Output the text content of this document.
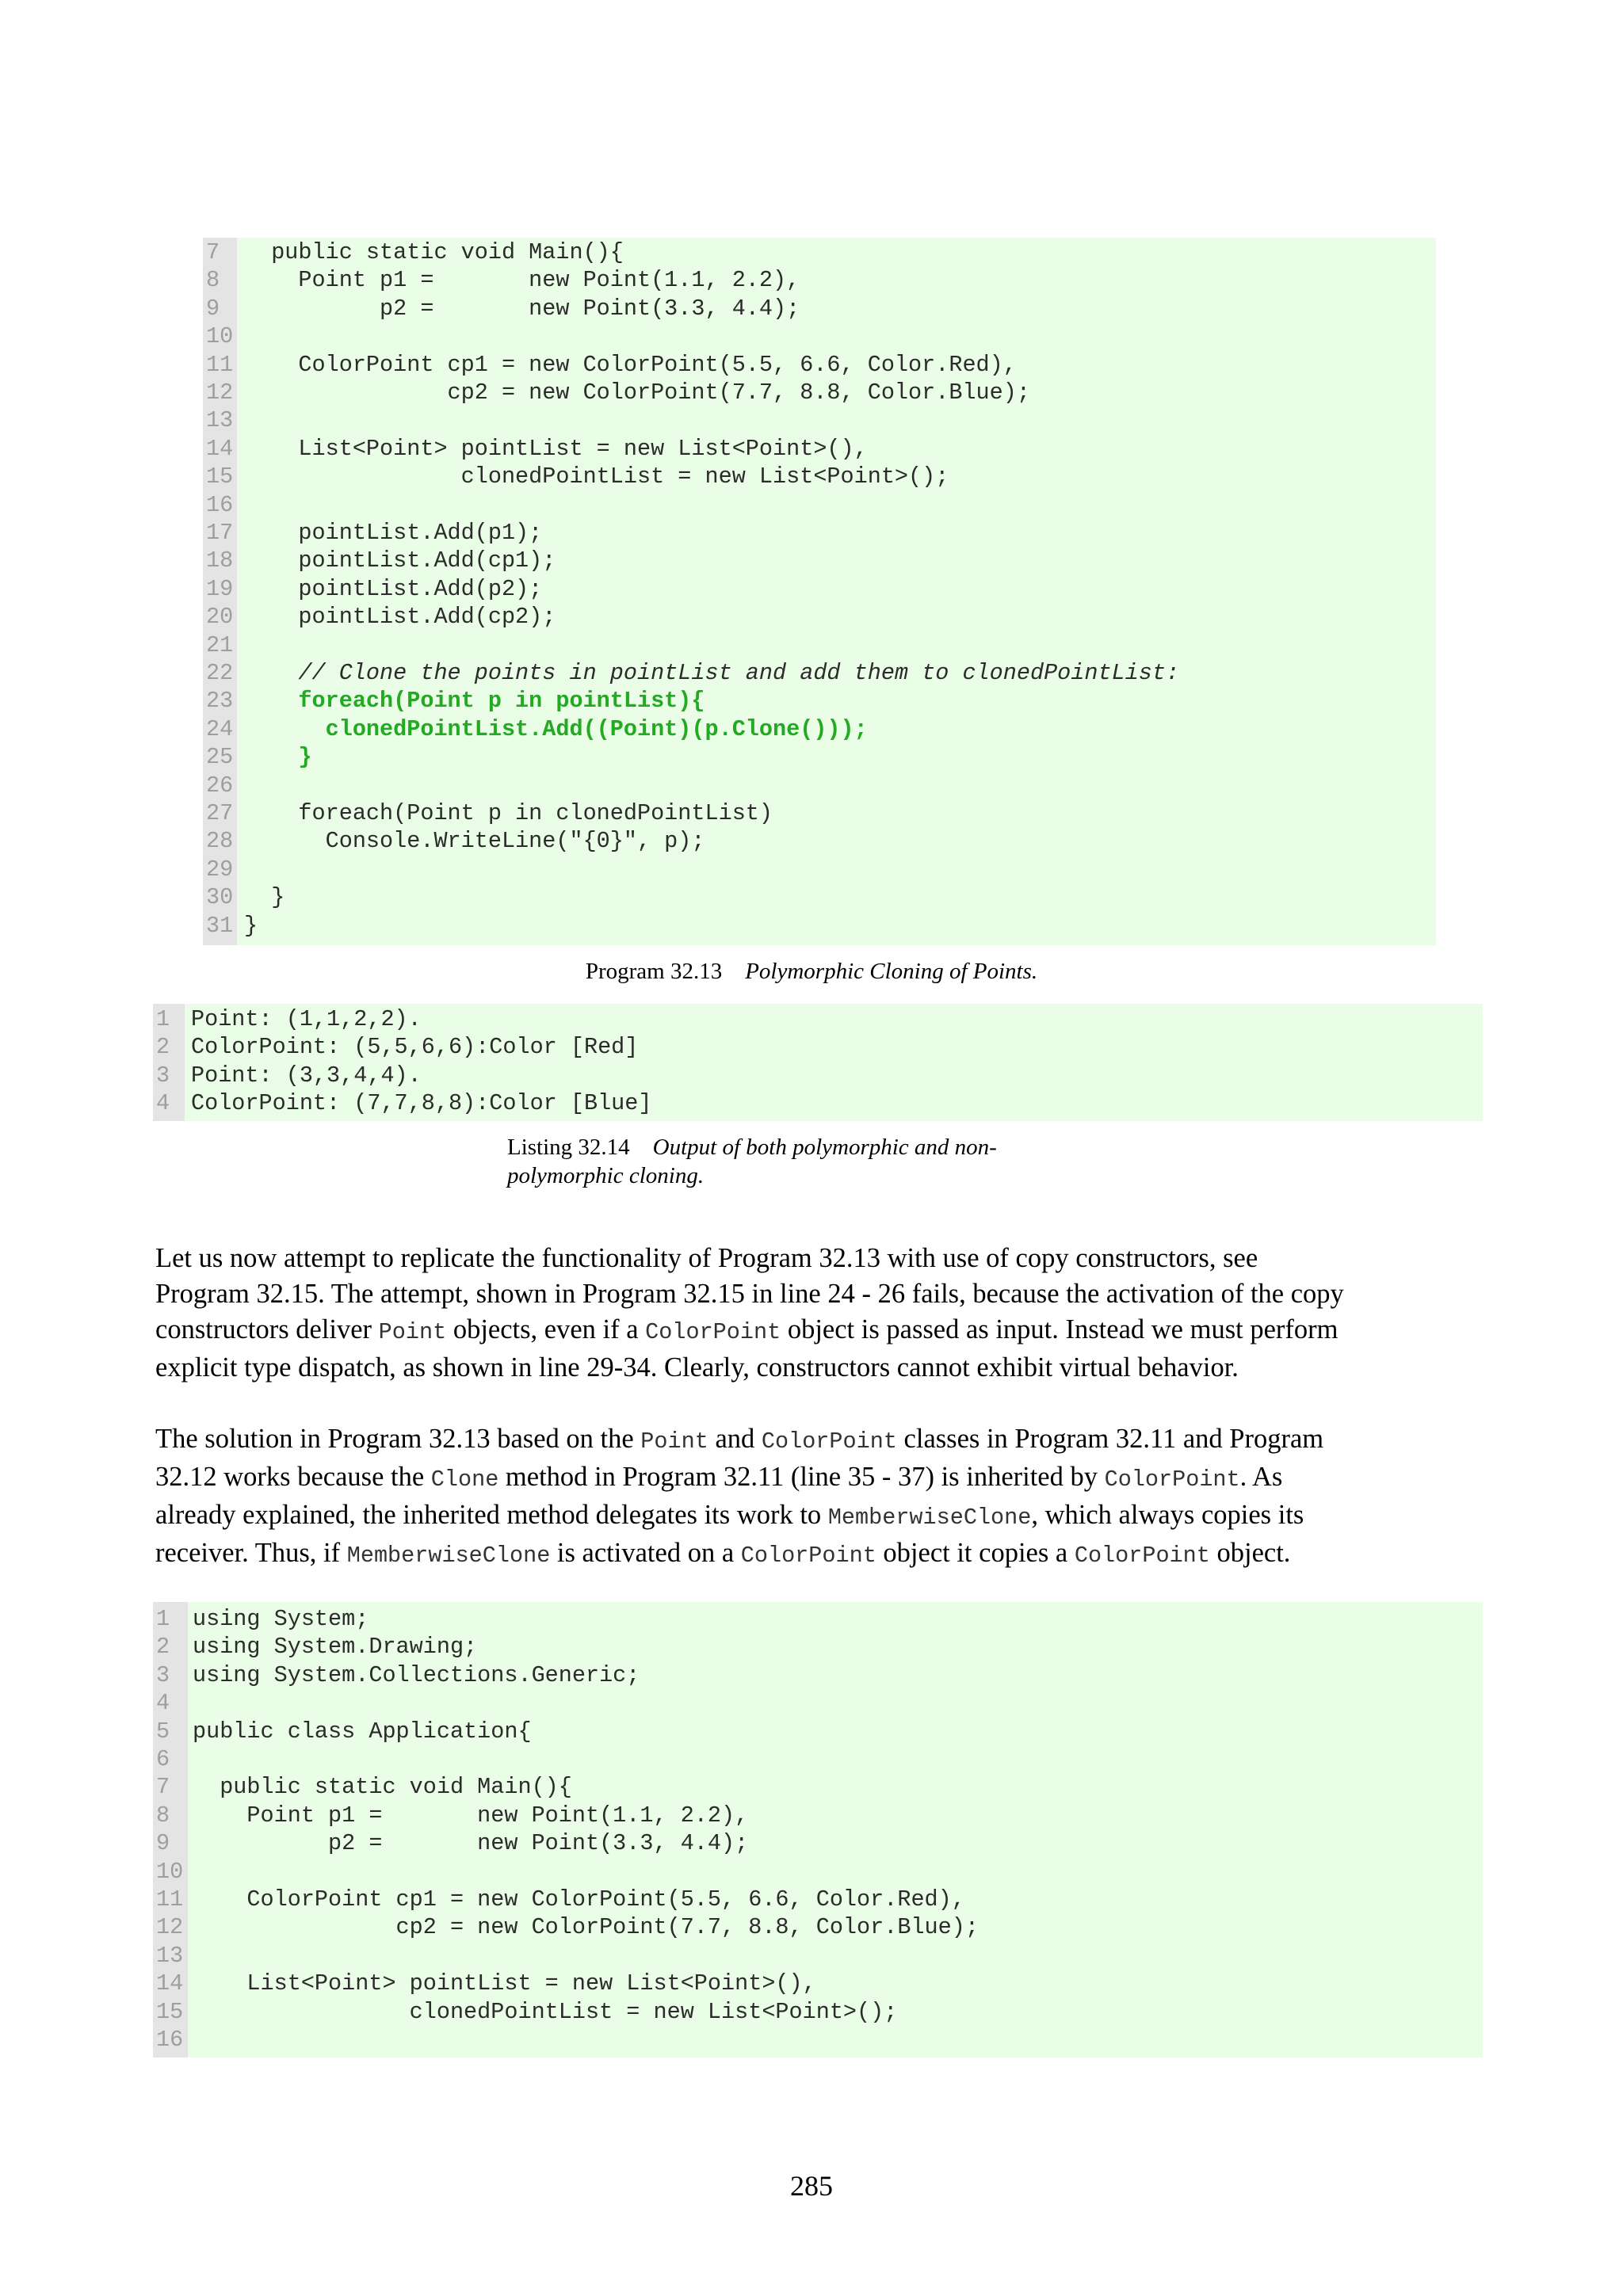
7 public static void Main(){
8 Point p1 =       new Point(1.1, 2.2),
9 p2 =       new Point(3.3, 4.4);
10
11 ColorPoint cp1 = new ColorPoint(5.5, 6.6, Color.Red),
12 cp2 = new ColorPoint(7.7, 8.8, Color.Blue);
13
14 List<Point> pointList = new List<Point>(),
15 clonedPointList = new List<Point>();
16
17 pointList.Add(p1);
18 pointList.Add(cp1);
19 pointList.Add(p2);
20 pointList.Add(cp2);
21
22 // Clone the points in pointList and add them to clonedPointList:
23 foreach(Point p in pointList){
24 clonedPointList.Add((Point)(p.Clone()));
25 }
26
27 foreach(Point p in clonedPointList)
28 Console.WriteLine("{0}", p);
29
30 }
31 }
Program 32.13 Polymorphic Cloning of Points.
1 Point: (1,1,2,2).
2 ColorPoint: (5,5,6,6):Color [Red]
3 Point: (3,3,4,4).
4 ColorPoint: (7,7,8,8):Color [Blue]
Listing 32.14 Output of both polymorphic and non-
polymorphic cloning.

Let us now attempt to replicate the functionality of Program 32.13 with use of copy constructors, see

Program 32.15. The attempt, shown in Program 32.15 in line 24 - 26 fails, because the activation of the copy

constructors deliver Point objects, even if a ColorPoint object is passed as input. Instead we must perform

explicit type dispatch, as shown in line 29-34. Clearly, constructors cannot exhibit virtual behavior.

The solution in Program 32.13 based on the Point and ColorPoint classes in Program 32.11 and Program

32.12 works because the Clone method in Program 32.11 (line 35 - 37) is inherited by ColorPoint. As

already explained, the inherited method delegates its work to MemberwiseClone, which always copies its

receiver. Thus, if MemberwiseClone is activated on a ColorPoint object it copies a ColorPoint object.

1 using System;
2 using System.Drawing;
3 using System.Collections.Generic;
4
5 public class Application{
6
7 public static void Main(){
8 Point p1 =       new Point(1.1, 2.2),
9 p2 =       new Point(3.3, 4.4);
10
11 ColorPoint cp1 = new ColorPoint(5.5, 6.6, Color.Red),
12 cp2 = new ColorPoint(7.7, 8.8, Color.Blue);
13
14 List<Point> pointList = new List<Point>(),
15 clonedPointList = new List<Point>();
16
285
